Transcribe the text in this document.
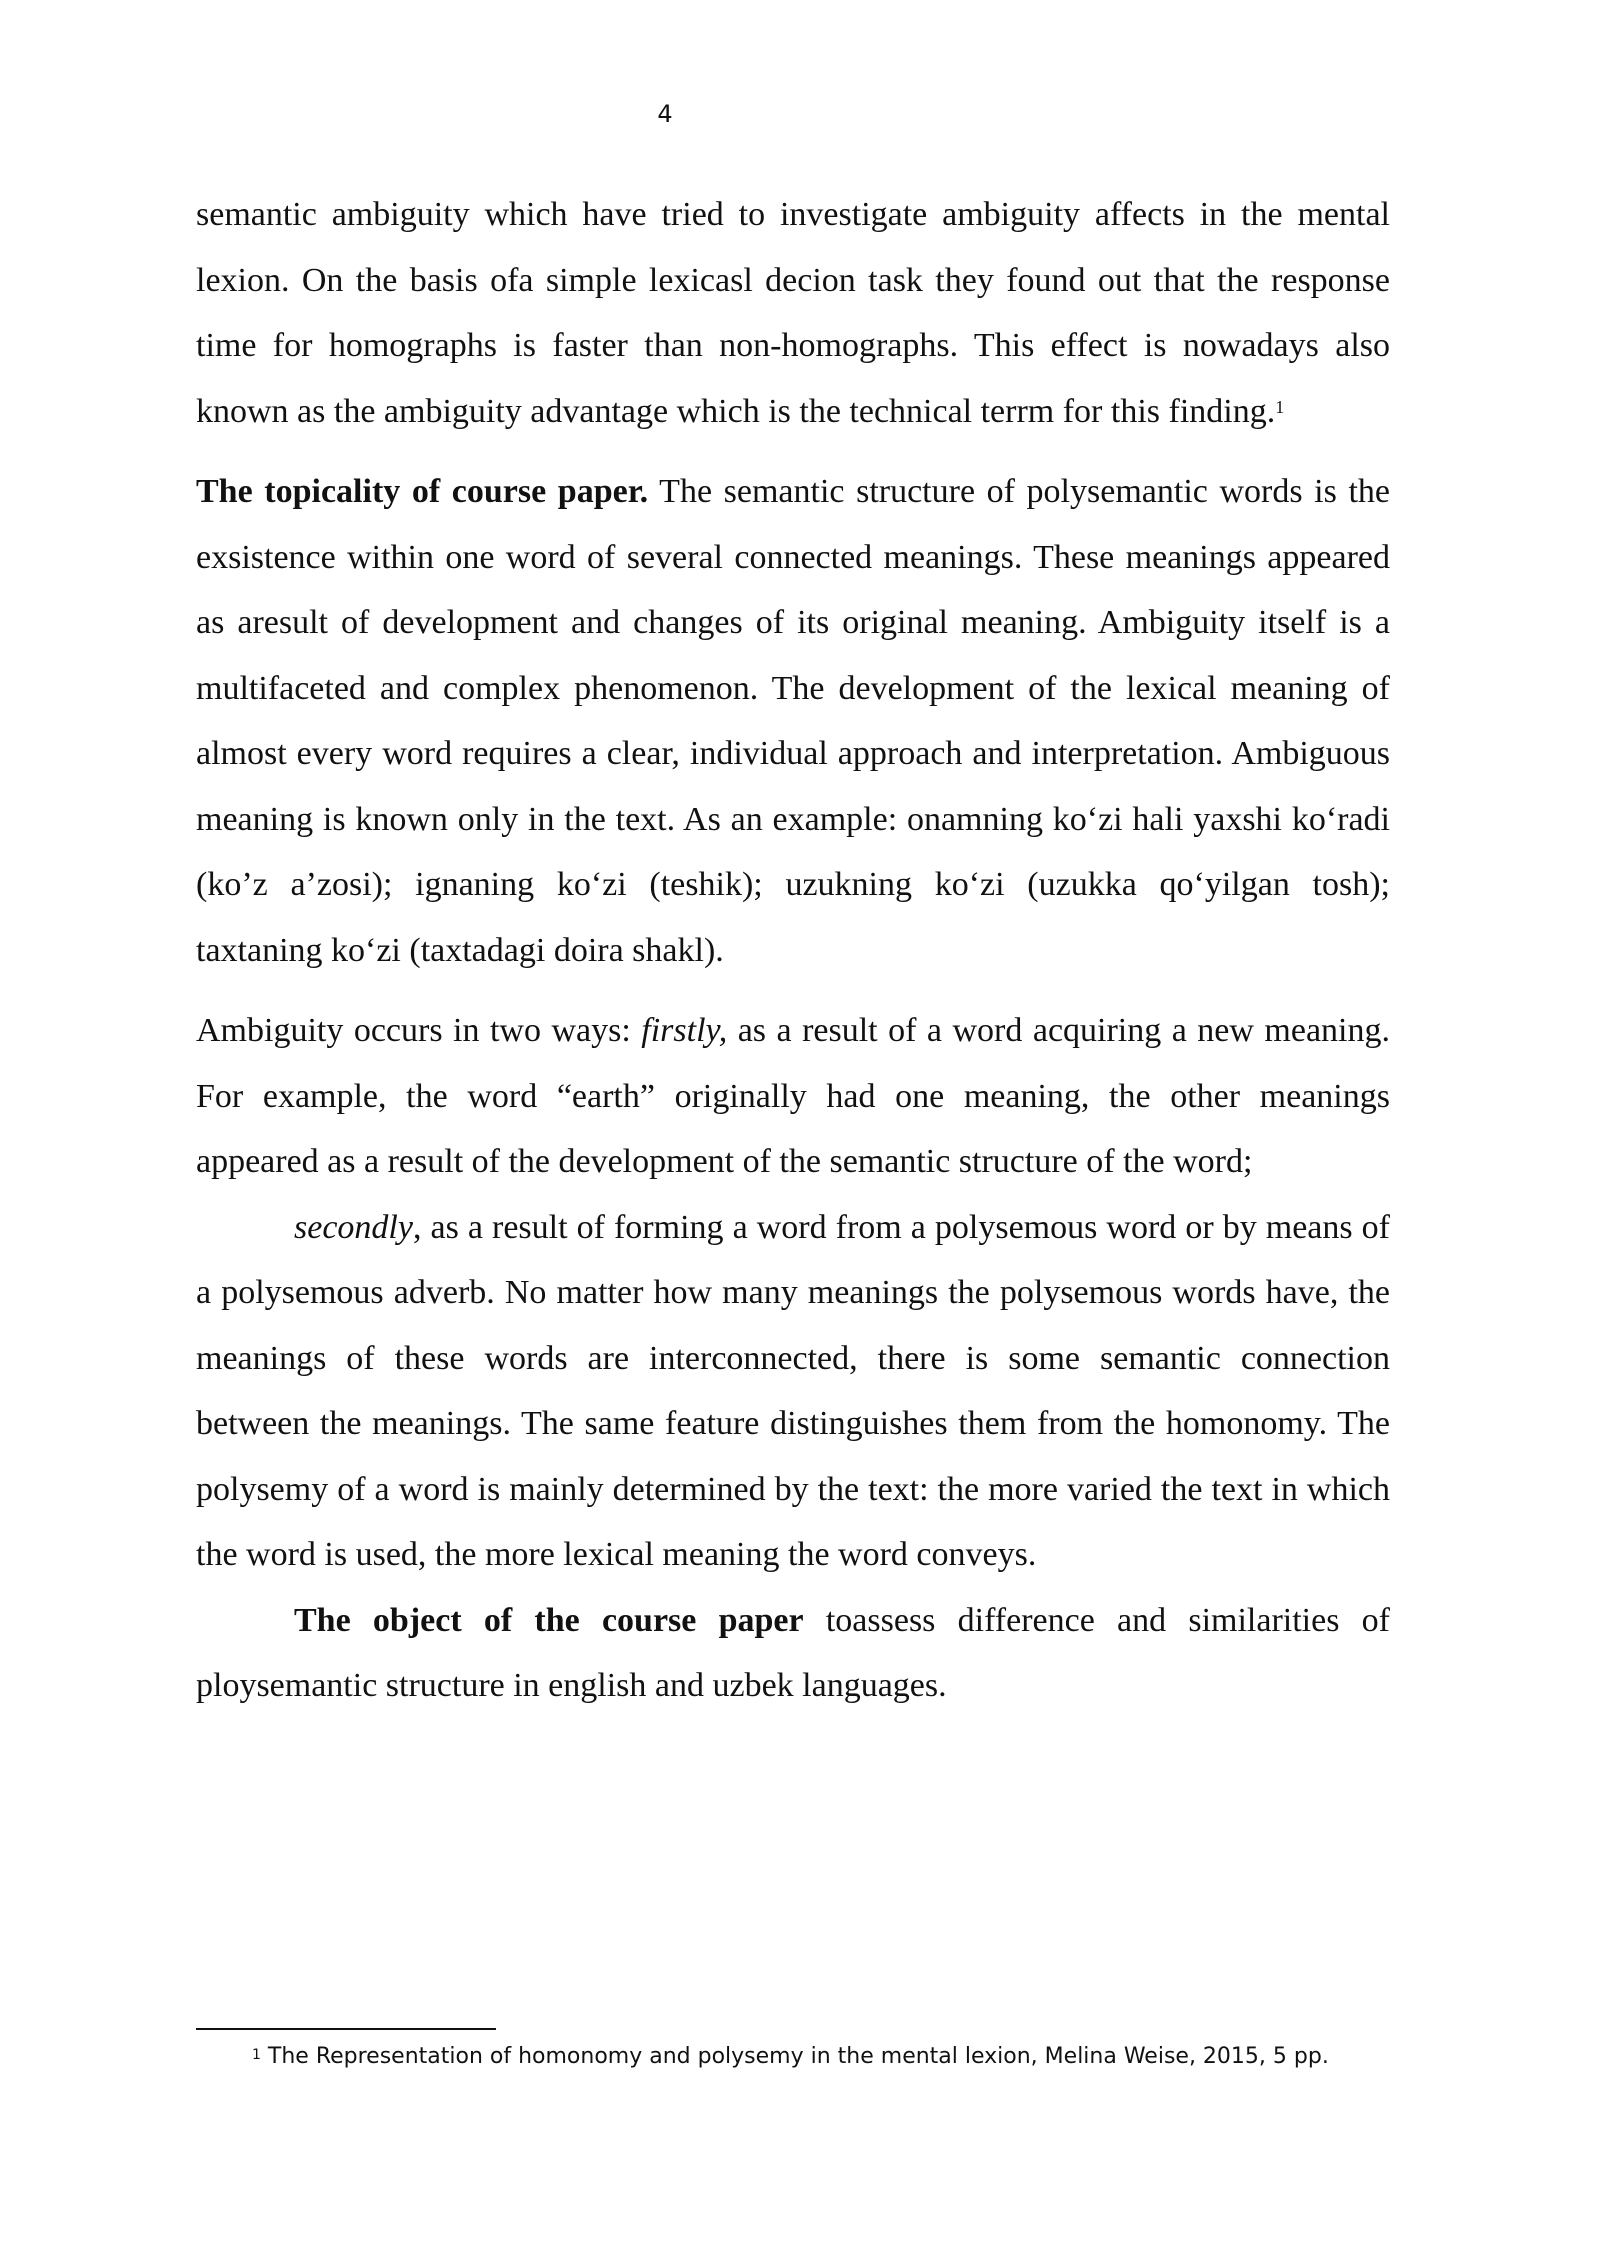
4

semantic ambiguity which have tried to investigate ambiguity affects in the mental lexion. On the basis ofa simple lexicasl decion task they found out that the response time for homographs is faster than non-homographs. This effect is nowadays also known as the ambiguity advantage which is the technical terrm for this finding.$^1$

The topicality of course paper. The semantic structure of polysemantic words is the exsistence within one word of several connected meanings. These meanings appeared as aresult of development and changes of its original meaning. Ambiguity itself is a multifaceted and complex phenomenon. The development of the lexical meaning of almost every word requires a clear, individual approach and interpretation. Ambiguous meaning is known only in the text. As an example: onamning ko‘zi hali yaxshi ko‘radi (ko’z a’zosi); ignaning ko‘zi (teshik); uzukning ko‘zi (uzukka qo‘yilgan tosh); taxtaning ko‘zi (taxtadagi doira shakl).

Ambiguity occurs in two ways: firstly, as a result of a word acquiring a new meaning. For example, the word “earth” originally had one meaning, the other meanings appeared as a result of the development of the semantic structure of the word;

secondly, as a result of forming a word from a polysemous word or by means of a polysemous adverb. No matter how many meanings the polysemous words have, the meanings of these words are interconnected, there is some semantic connection between the meanings. The same feature distinguishes them from the homonomy. The polysemy of a word is mainly determined by the text: the more varied the text in which the word is used, the more lexical meaning the word conveys.

The object of the course paper toassess difference and similarities of ploysemantic structure in english and uzbek languages.

$^1$ The Representation of homonomy and polysemy in the mental lexion, Melina Weise, 2015, 5 pp.
